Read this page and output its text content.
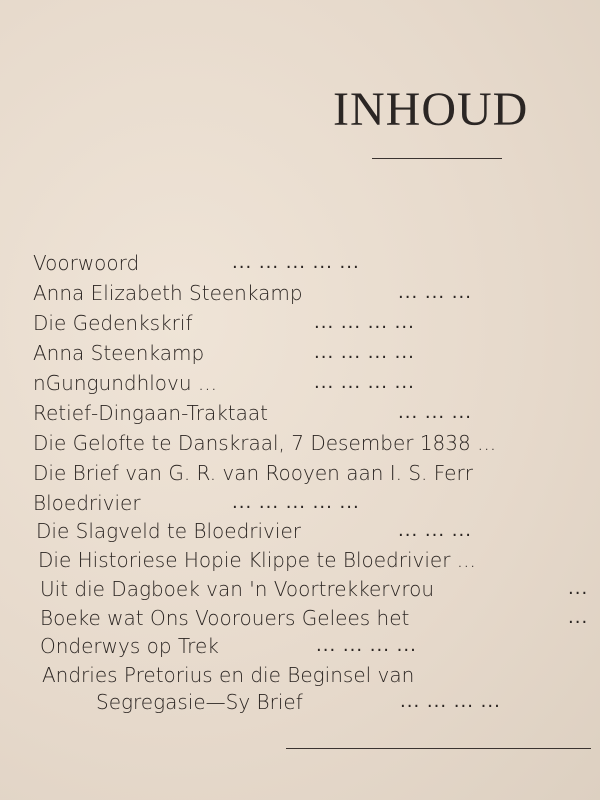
INHOUD
Voorwoord	... ... ... ... ...
Anna Elizabeth Steenkamp	... ... ...
Die Gedenkskrif	... ... ... ...
Anna Steenkamp	... ... ... ...
nGungundhlovu ...	... ... ... ...
Retief-Dingaan-Traktaat	... ... ...
Die Gelofte te Danskraal, 7 Desember 1838 ...
Die Brief van G. R. van Rooyen aan I. S. Ferr
Bloedrivier	... ... ... ... ...
Die Slagveld te Bloedrivier	... ... ...
Die Historiese Hopie Klippe te Bloedrivier ...
Uit die Dagboek van 'n Voortrekkervrou	...
Boeke wat Ons Voorouers Gelees het	...
Onderwys op Trek	... ... ... ...
Andries Pretorius en die Beginsel van
Segregasie—Sy Brief	... ... ... ...
